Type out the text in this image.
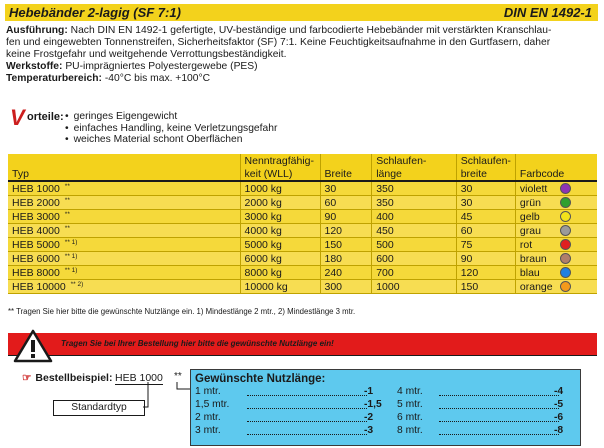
Hebebänder 2-lagig (SF 7:1)	DIN EN 1492-1
Ausführung: Nach DIN EN 1492-1 gefertigte, UV-beständige und farbcodierte Hebebänder mit verstärkten Kranschlau-
fen und eingewebten Tonnenstreifen, Sicherheitsfaktor (SF) 7:1. Keine Feuchtigkeitsaufnahme in den Gurtfasern, daher
keine Frostgefahr und weitgehende Verrottungsbeständigkeit.
Werkstoffe: PU-imprägniertes Polyestergewebe (PES)
Temperaturbereich: -40°C bis max. +100°C
V orteile: • geringes Eigengewicht
• einfaches Handling, keine Verletzungsgefahr
• weiches Material schont Oberflächen
	Nenntragfähig-		Schlaufen-	Schlaufen-	
Typ	keit (WLL)	Breite	länge	breite	Farbcode
HEB 1000 **	1000 kg	30	350	30	violett
HEB 2000 **	2000 kg	60	350	30	grün
HEB 3000 **	3000 kg	90	400	45	gelb
HEB 4000 **	4000 kg	120	450	60	grau
HEB 5000 $^{** 1)}$	5000 kg	150	500	75	rot
HEB 6000 $^{** 1)}$	6000 kg	180	600	90	braun
HEB 8000 $^{** 1)}$	8000 kg	240	700	120	blau
HEB 10000 $^{** 2)}$	10000 kg	300	1000	150	orange
** Tragen Sie hier bitte die gewünschte Nutzlänge ein. 1) Mindestlänge 2 mtr., 2) Mindestlänge 3 mtr.
Tragen Sie bei Ihrer Bestellung hier bitte die gewünschte Nutzlänge ein!
☞ Bestellbeispiel: HEB 1000 **
Standardtyp
Gewünschte Nutzlänge:
1 mtr.	-1
1,5 mtr.	-1,5
2 mtr.	-2
3 mtr.	-3
4 mtr.	-4
5 mtr.	-5
6 mtr.	-6
8 mtr.	-8
